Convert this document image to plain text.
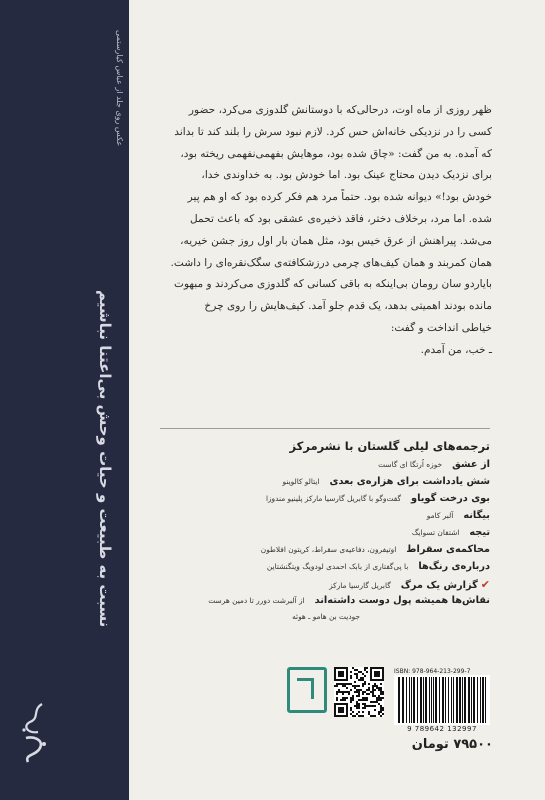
عکس روی جلد از عباس کیارستمی
نسبت به طبیعت و حیات وحش بی‌اعتنا نباشیم

ظهر روزی از ماه اوت، درحالی‌که با دوستانش گلدوزی می‌کرد، حضور

کسی را در نزدیکی خانه‌اش حس کرد. لازم نبود سرش را بلند کند تا بداند

که آمده. به من گفت: «چاق شده بود، موهایش بفهمی‌نفهمی ریخته بود،

برای نزدیک دیدن محتاج عینک بود. اما خودش بود. به خداوندی خدا،

خودش بود!» دیوانه شده بود. حتماً مرد هم فکر کرده بود که او هم پیر

شده. اما مرد، برخلاف دختر، فاقد ذخیره‌ی عشقی بود که باعث تحمل

می‌شد. پیراهنش از عرق خیس بود، مثل همان بار اول روز جشن خیریه،

همان کمربند و همان کیف‌های چرمی درزشکافته‌ی سگک‌نقره‌ای را داشت.

بایاردو سان رومان بی‌اینکه به باقی کسانی که گلدوزی می‌کردند و مبهوت

مانده بودند اهمیتی بدهد، یک قدم جلو آمد. کیف‌هایش را روی چرخ

خیاطی انداخت و گفت:

ـ خب، من آمدم.

ترجمه‌های لیلی گلستان با نشرمرکز
از عشق
خوزه اُرتگا ای گاست
شش یادداشت برای هزاره‌ی بعدی
ایتالو کالوینو
بوی درخت گویاو
گفت‌وگو با گابریل گارسیا مارکز پلینیو مندوزا
بیگانه
آلبر کامو
تیجه
اشتفان تسوایگ
محاکمه‌ی سقراط
اوتیفرون، دفاعیه‌ی سقراط، کریتون افلاطون
درباره‌ی رنگ‌ها
با پی‌گفتاری از بابک احمدی لودویگ ویتگنشتاین
✔
گزارش یک مرگ
گابریل گارسیا مارکز
نقاش‌ها همیشه پول دوست داشته‌اند
از آلبرشت دورر تا دمین هرست
جودیت بن هامو ـ هوئه
ISBN: 978-964-213-299-7
9 789642 132997
۷۹۵۰۰ تومان
